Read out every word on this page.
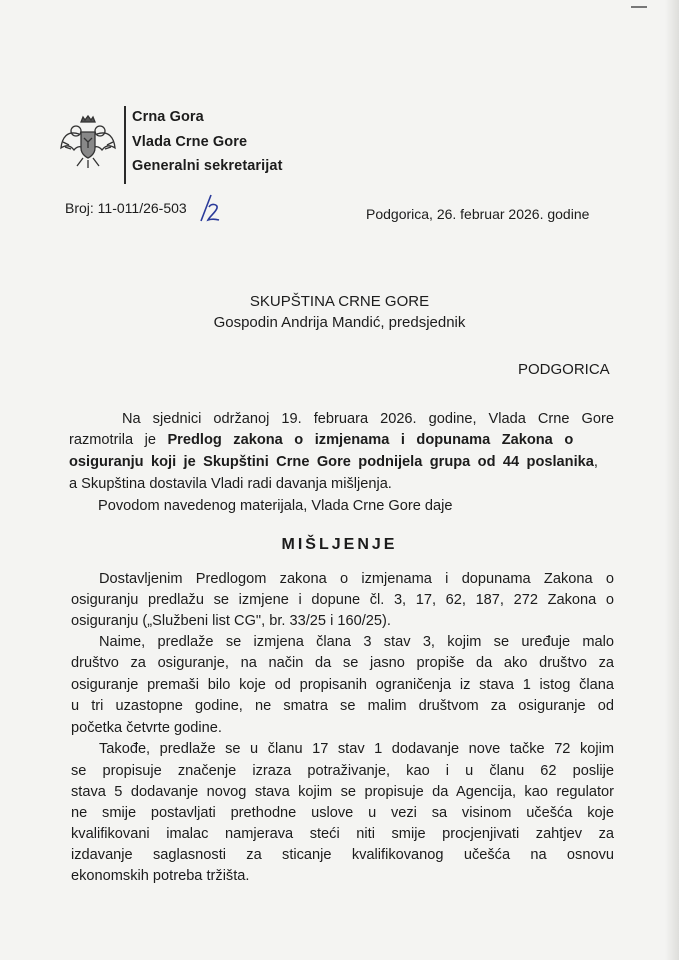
Crna Gora
Vlada Crne Gore
Generalni sekretarijat
Broj: 11-011/26-503	Podgorica, 26. februar 2026. godine
SKUPŠTINA CRNE GORE
Gospodin Andrija Mandić, predsjednik
PODGORICA
Na sjednici održanoj 19. februara 2026. godine, Vlada Crne Gore
razmotrila je Predlog zakona o izmjenama i dopunama Zakona o
osiguranju koji je Skupštini Crne Gore podnijela grupa od 44 poslanika,
a Skupština dostavila Vladi radi davanja mišljenja.
Povodom navedenog materijala, Vlada Crne Gore daje
MIŠLJENJE
Dostavljenim Predlogom zakona o izmjenama i dopunama Zakona o
osiguranju predlažu se izmjene i dopune čl. 3, 17, 62, 187, 272 Zakona o
osiguranju („Službeni list CG", br. 33/25 i 160/25).
Naime, predlaže se izmjena člana 3 stav 3, kojim se uređuje malo
društvo za osiguranje, na način da se jasno propiše da ako društvo za
osiguranje premaši bilo koje od propisanih ograničenja iz stava 1 istog člana
u tri uzastopne godine, ne smatra se malim društvom za osiguranje od
početka četvrte godine.
Takođe, predlaže se u članu 17 stav 1 dodavanje nove tačke 72 kojim
se propisuje značenje izraza potraživanje, kao i u članu 62 poslije
stava 5 dodavanje novog stava kojim se propisuje da Agencija, kao regulator
ne smije postavljati prethodne uslove u vezi sa visinom učešća koje
kvalifikovani imalac namjerava steći niti smije procjenjivati zahtjev za
izdavanje saglasnosti za sticanje kvalifikovanog učešća na osnovu
ekonomskih potreba tržišta.
